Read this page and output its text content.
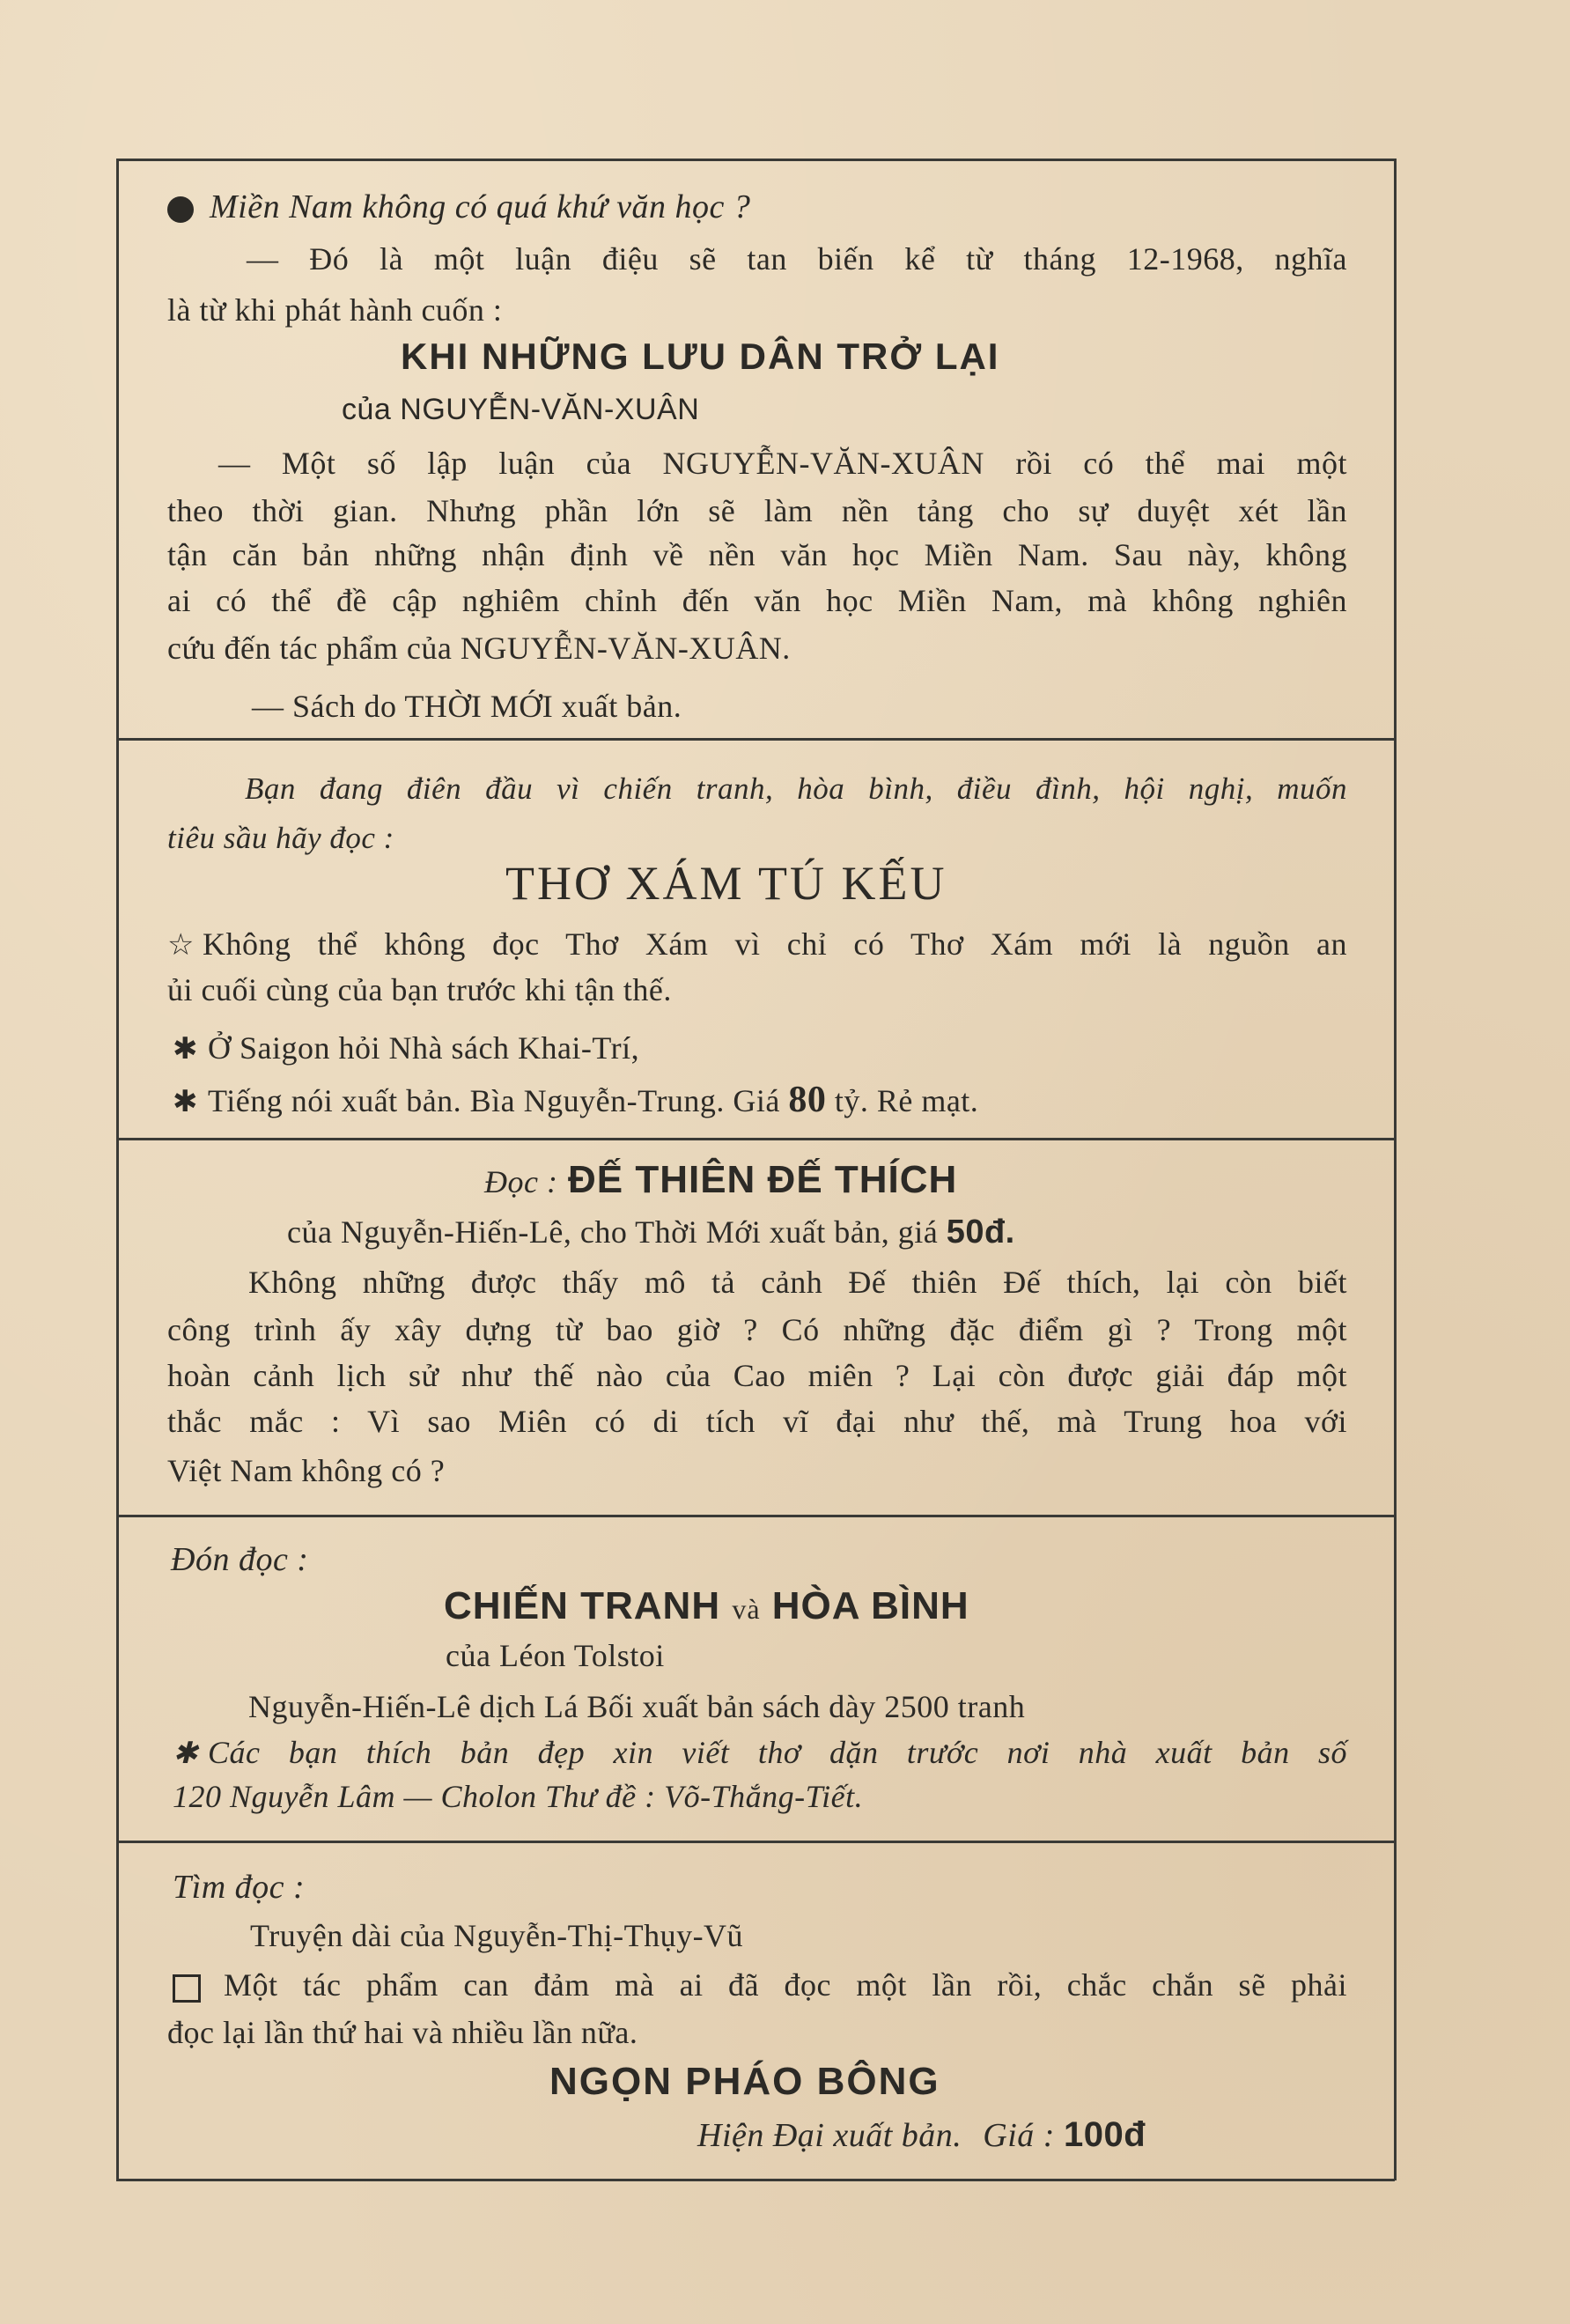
Miền Nam không có quá khứ văn học ?
— Đó là một luận điệu sẽ tan biến kể từ tháng 12-1968, nghĩa
là từ khi phát hành cuốn :
KHI NHỮNG LƯU DÂN TRỞ LẠI
của NGUYỄN-VĂN-XUÂN
— Một số lập luận của NGUYỄN-VĂN-XUÂN rồi có thể mai một
theo thời gian. Nhưng phần lớn sẽ làm nền tảng cho sự duyệt xét lần
tận căn bản những nhận định về nền văn học Miền Nam. Sau này, không
ai có thể đề cập nghiêm chỉnh đến văn học Miền Nam, mà không nghiên
cứu đến tác phẩm của NGUYỄN-VĂN-XUÂN.
— Sách do THỜI MỚI xuất bản.
Bạn đang điên đầu vì chiến tranh, hòa bình, điều đình, hội nghị, muốn
tiêu sầu hãy đọc :
THƠ XÁM TÚ KẾU
☆ Không thể không đọc Thơ Xám vì chỉ có Thơ Xám mới là nguồn an
ủi cuối cùng của bạn trước khi tận thế.
✱ Ở Saigon hỏi Nhà sách Khai-Trí,
✱ Tiếng nói xuất bản. Bìa Nguyễn-Trung. Giá 80 tỷ. Rẻ mạt.
Đọc : ĐẾ THIÊN ĐẾ THÍCH
của Nguyễn-Hiến-Lê, cho Thời Mới xuất bản, giá 50đ.
Không những được thấy mô tả cảnh Đế thiên Đế thích, lại còn biết
công trình ấy xây dựng từ bao giờ ? Có những đặc điểm gì ? Trong một
hoàn cảnh lịch sử như thế nào của Cao miên ? Lại còn được giải đáp một
thắc mắc : Vì sao Miên có di tích vĩ đại như thế, mà Trung hoa với
Việt Nam không có ?
Đón đọc :
CHIẾN TRANH và HÒA BÌNH
của Léon Tolstoi
Nguyễn-Hiến-Lê dịch Lá Bối xuất bản sách dày 2500 tranh
✱ Các bạn thích bản đẹp xin viết thơ dặn trước nơi nhà xuất bản số
120 Nguyễn Lâm — Cholon Thư đề : Võ-Thắng-Tiết.
Tìm đọc :
Truyện dài của Nguyễn-Thị-Thụy-Vũ
Một tác phẩm can đảm mà ai đã đọc một lần rồi, chắc chắn sẽ phải
đọc lại lần thứ hai và nhiều lần nữa.
NGỌN PHÁO BÔNG
Hiện Đại xuất bản. Giá : 100đ
